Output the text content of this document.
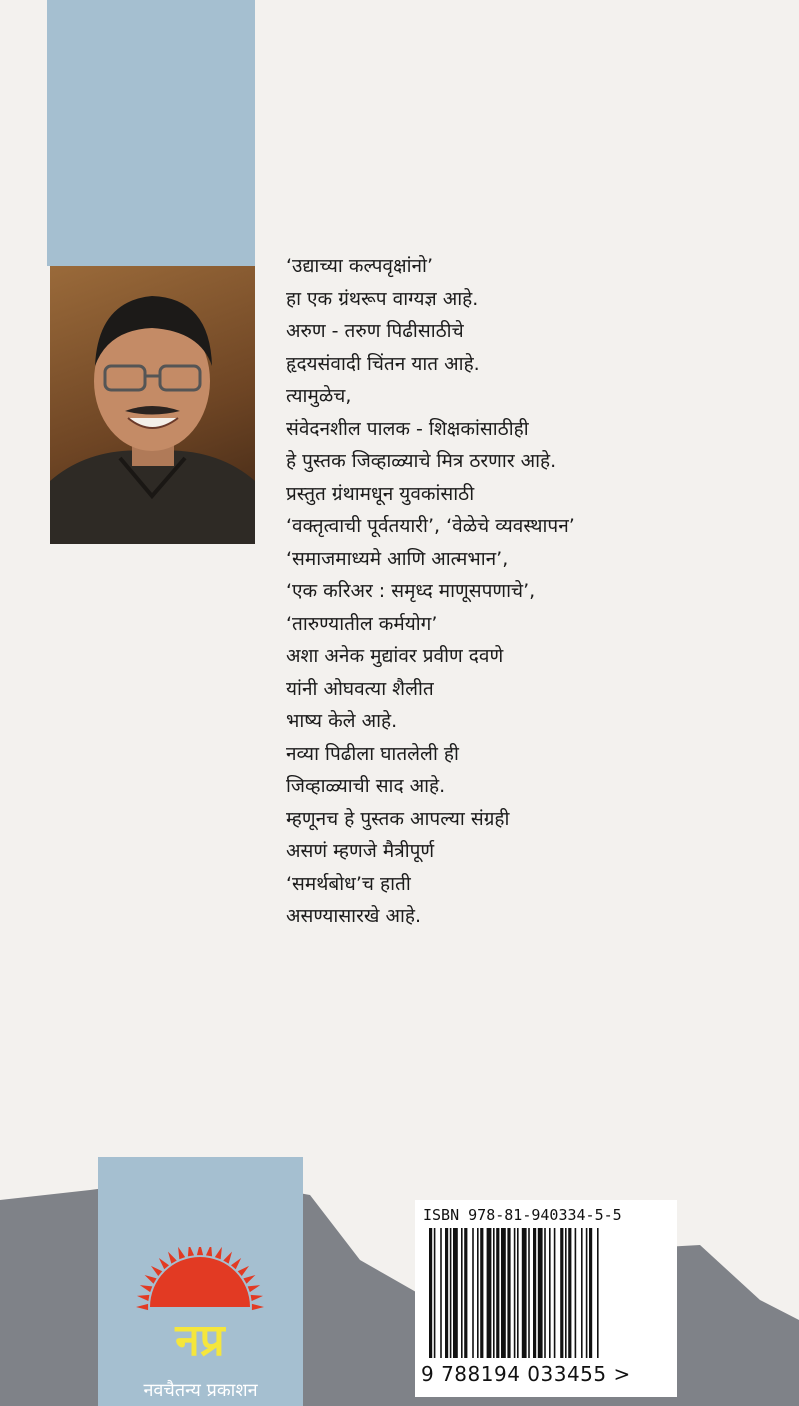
‘उद्याच्या कल्पवृक्षांनो’
हा एक ग्रंथरूप वाग्यज्ञ आहे.
अरुण - तरुण पिढीसाठीचे
हृदयसंवादी चिंतन यात आहे.
त्यामुळेच,
संवेदनशील पालक - शिक्षकांसाठीही
हे पुस्तक जिव्हाळ्याचे मित्र ठरणार आहे.
प्रस्तुत ग्रंथामधून युवकांसाठी
‘वक्तृत्वाची पूर्वतयारी’, ‘वेळेचे व्यवस्थापन’
‘समाजमाध्यमे आणि आत्मभान’,
‘एक करिअर : समृध्द माणूसपणाचे’,
‘तारुण्यातील कर्मयोग’
अशा अनेक मुद्यांवर प्रवीण दवणे
यांनी ओघवत्या शैलीत
भाष्य केले आहे.
नव्या पिढीला घातलेली ही
जिव्हाळ्याची साद आहे.
म्हणूनच हे पुस्तक आपल्या संग्रही
असणं म्हणजे मैत्रीपूर्ण
‘समर्थबोध’च हाती
असण्यासारखे आहे.
नप्र
नवचैतन्य प्रकाशन
ISBN 978-81-940334-5-5
9 788194 033455 >
